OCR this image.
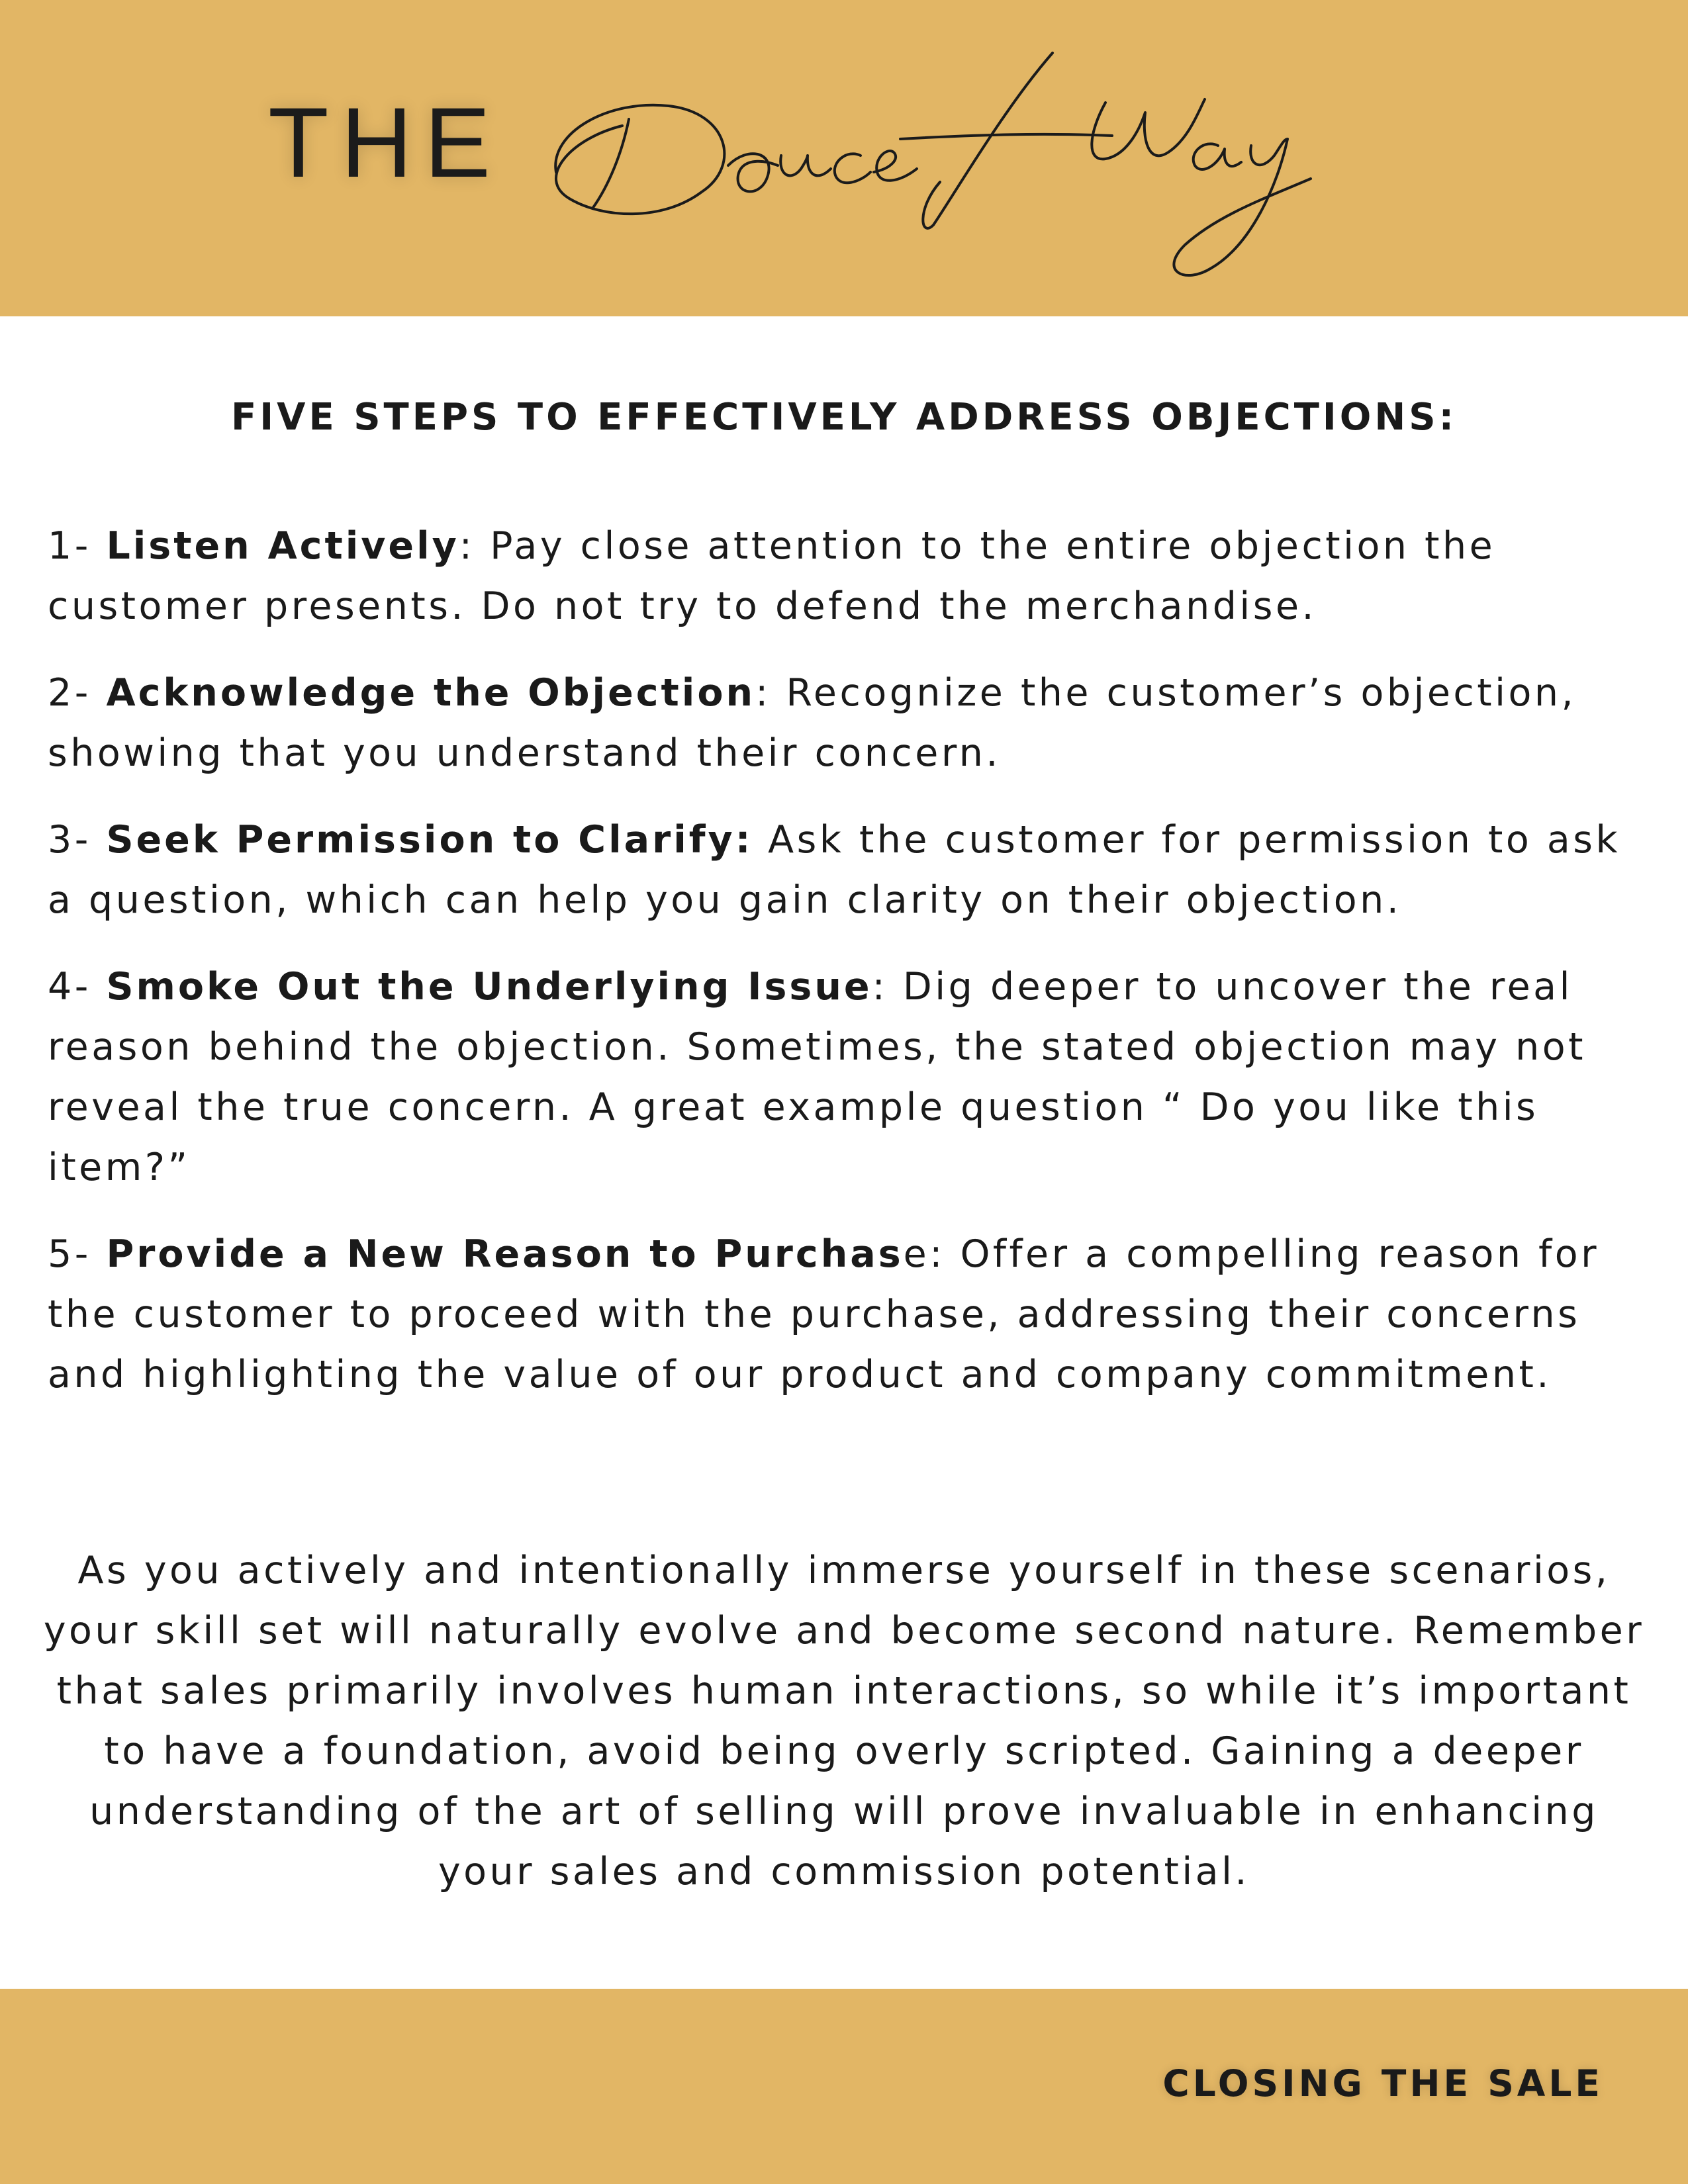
THE
FIVE STEPS TO EFFECTIVELY ADDRESS OBJECTIONS:

1- Listen Actively: Pay close attention to the entire objection the customer presents. Do not try to defend the merchandise.

2- Acknowledge the Objection: Recognize the customer’s objection, showing that you understand their concern.

3- Seek Permission to Clarify: Ask the customer for permission to ask a question, which can help you gain clarity on their objection.

4- Smoke Out the Underlying Issue: Dig deeper to uncover the real reason behind the objection. Sometimes, the stated objection may not reveal the true concern. A great example question “ Do you like this item?”

5- Provide a New Reason to Purchase: Offer a compelling reason for the customer to proceed with the purchase, addressing their concerns and highlighting the value of our product and company commitment.

As you actively and intentionally immerse yourself in these scenarios, your skill set will naturally evolve and become second nature. Remember that sales primarily involves human interactions, so while it’s important to have a foundation, avoid being overly scripted. Gaining a deeper understanding of the art of selling will prove invaluable in enhancing your sales and commission potential.
CLOSING THE SALE
